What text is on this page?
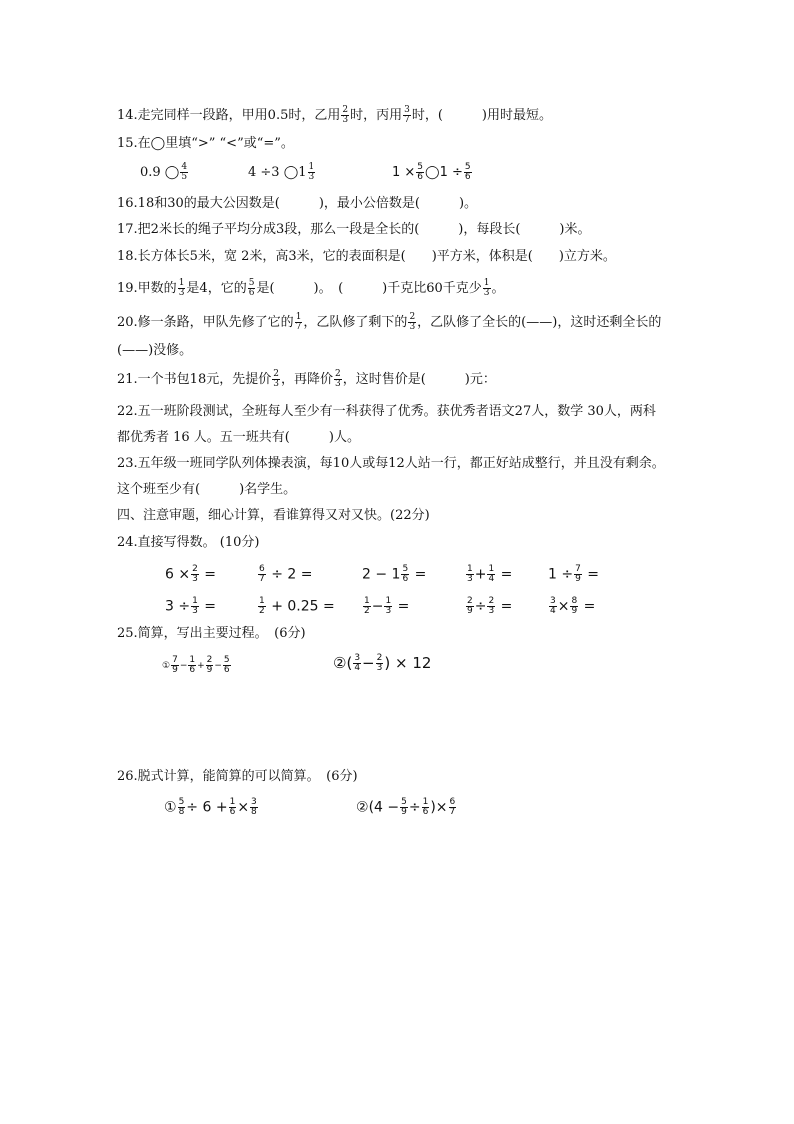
14.走完同样一段路，甲用0.5时，乙用 $\frac{2}{3}$ 时，丙用 $\frac{3}{7}$ 时，(　　　)用时最短。
15.在◯里填“>” “<”或“=”。
0.9 ◯ $\frac{4}{5}$	4 ÷3 ◯1 $\frac{1}{3}$	$1 \times \frac{5}{6}$ ◯1 ÷ $\frac{5}{6}$
16.18和30的最大公因数是(　　　)，最小公倍数是(　　　)。
17.把2米长的绳子平均分成3段，那么一段是全长的(　　　)，每段长(　　　)米。
18.长方体长5米，宽 2米，高3米，它的表面积是(　　)平方米，体积是(　　)立方米。
19.甲数的 $\frac{1}{3}$ 是4，它的 $\frac{5}{6}$ 是(　　　)。　(　　　)千克比60千克少 $\frac{1}{3}$ 。
20.修一条路，甲队先修了它的 $\frac{1}{7}$ ，乙队修了剩下的 $\frac{2}{3}$ ，乙队修了全长的(——)，这时还剩全长的
(——)没修。
21.一个书包18元，先提价 $\frac{2}{3}$ ，再降价 $\frac{2}{3}$ ，这时售价是(　　　)元：
22.五一班阶段测试，全班每人至少有一科获得了优秀。获优秀者语文27人，数学 30人，两科
都优秀者 16 人。五一班共有(　　　)人。
23.五年级一班同学队列体操表演，每10人或每12人站一行，都正好站成整行，并且没有剩余。
这个班至少有(　　　)名学生。
四、注意审题，细心计算，看谁算得又对又快。(22分)
24.直接写得数。 (10分)
$6 \times \frac{2}{3}$ =	$\frac{6}{7} \div 2$ =	$2 - 1 \frac{5}{6}$ =	$\frac{1}{3} + \frac{1}{4}$ =	$1 \div \frac{7}{9}$ =
$3 \div \frac{1}{3}$ =	$\frac{1}{2} + 0.25$ =	$\frac{1}{2} - \frac{1}{3}$ =	$\frac{2}{9} \div \frac{2}{3}$ =	$\frac{3}{4} \times \frac{8}{9}$ =
25.简算，写出主要过程。　(6分)
① $\frac{7}{9} - \frac{1}{6} + \frac{2}{9} - \frac{5}{6}$	②( $\frac{3}{4} - \frac{2}{3}$ ) × 12
26.脱式计算，能简算的可以简算。　(6分)
① $\frac{5}{8} \div 6 + \frac{1}{6} \times \frac{3}{8}$	②(4 − $\frac{5}{9} \div \frac{1}{6}$ )× $\frac{6}{7}$
